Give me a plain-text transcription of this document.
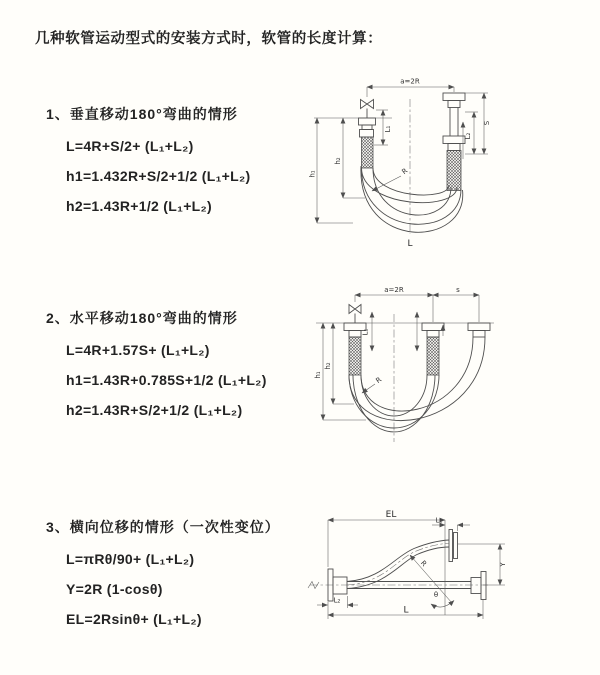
几种软管运动型式的安装方式时，软管的长度计算：
1、垂直移动180°弯曲的情形
L=4R+S/2+ (L₁+L₂)
h1=1.432R+S/2+1/2 (L₁+L₂)
h2=1.43R+1/2 (L₁+L₂)
2、水平移动180°弯曲的情形
L=4R+1.57S+ (L₁+L₂)
h1=1.43R+0.785S+1/2 (L₁+L₂)
h2=1.43R+S/2+1/2 (L₁+L₂)
3、横向位移的情形（一次性变位）
L=πRθ/90+ (L₁+L₂)
Y=2R (1-cosθ)
EL=2Rsinθ+ (L₁+L₂)
a=2R
R
h₁
h₂
L₁
S
L₂
L
a=2R	s
L₁
R
h₁
h₂
EL
L₁
Y
L
L₂
R
θ
